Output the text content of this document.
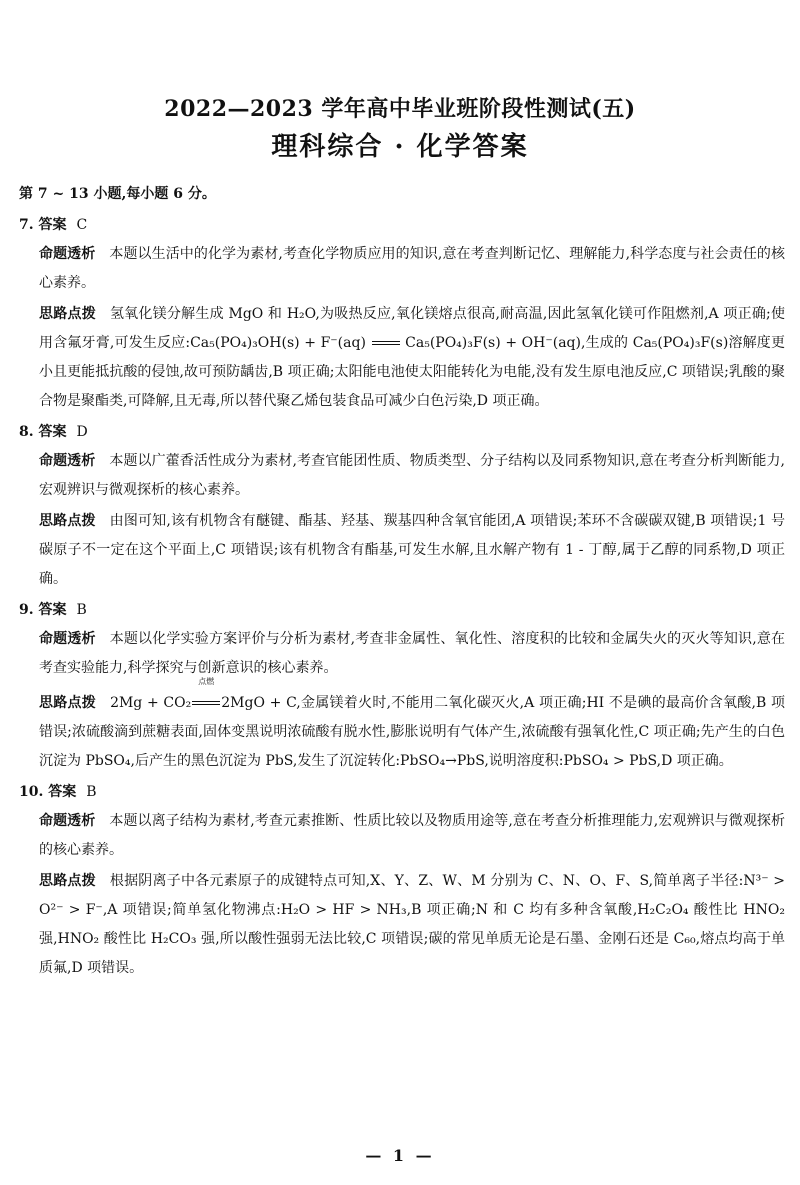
2022—2023 学年高中毕业班阶段性测试(五)
理科综合 · 化学答案
第 7 ~ 13 小题,每小题 6 分。
7. 答案 C
命题透析 本题以生活中的化学为素材,考查化学物质应用的知识,意在考查判断记忆、理解能力,科学态度与社会责任的核心素养。
思路点拨 氢氧化镁分解生成 MgO 和 H₂O,为吸热反应,氧化镁熔点很高,耐高温,因此氢氧化镁可作阻燃剂,A 项正确;使用含氟牙膏,可发生反应:Ca₅(PO₄)₃OH(s) + F⁻(aq)	Ca₅(PO₄)₃F(s) + OH⁻(aq),生成的 Ca₅(PO₄)₃F(s)溶解度更小且更能抵抗酸的侵蚀,故可预防龋齿,B 项正确;太阳能电池使太阳能转化为电能,没有发生原电池反应,C 项错误;乳酸的聚合物是聚酯类,可降解,且无毒,所以替代聚乙烯包装食品可减少白色污染,D 项正确。
8. 答案 D
命题透析 本题以广藿香活性成分为素材,考查官能团性质、物质类型、分子结构以及同系物知识,意在考查分析判断能力,宏观辨识与微观探析的核心素养。
思路点拨 由图可知,该有机物含有醚键、酯基、羟基、羰基四种含氧官能团,A 项错误;苯环不含碳碳双键,B 项错误;1 号碳原子不一定在这个平面上,C 项错误;该有机物含有酯基,可发生水解,且水解产物有 1 - 丁醇,属于乙醇的同系物,D 项正确。
9. 答案 B
命题透析 本题以化学实验方案评价与分析为素材,考查非金属性、氧化性、溶度积的比较和金属失火的灭火等知识,意在考查实验能力,科学探究与创新意识的核心素养。
思路点拨 2Mg + CO₂
点燃
2MgO + C,金属镁着火时,不能用二氧化碳灭火,A 项正确;HI 不是碘的最高价含氧酸,B 项错误;浓硫酸滴到蔗糖表面,固体变黑说明浓硫酸有脱水性,膨胀说明有气体产生,浓硫酸有强氧化性,C 项正确;先产生的白色沉淀为 PbSO₄,后产生的黑色沉淀为 PbS,发生了沉淀转化:PbSO₄→PbS,说明溶度积:PbSO₄ > PbS,D 项正确。
10. 答案 B
命题透析 本题以离子结构为素材,考查元素推断、性质比较以及物质用途等,意在考查分析推理能力,宏观辨识与微观探析的核心素养。
思路点拨 根据阴离子中各元素原子的成键特点可知,X、Y、Z、W、M 分别为 C、N、O、F、S,简单离子半径:N³⁻ > O²⁻ > F⁻,A 项错误;简单氢化物沸点:H₂O > HF > NH₃,B 项正确;N 和 C 均有多种含氧酸,H₂C₂O₄ 酸性比 HNO₂ 强,HNO₂ 酸性比 H₂CO₃ 强,所以酸性强弱无法比较,C 项错误;碳的常见单质无论是石墨、金刚石还是 C₆₀,熔点均高于单质氟,D 项错误。
— 1 —
